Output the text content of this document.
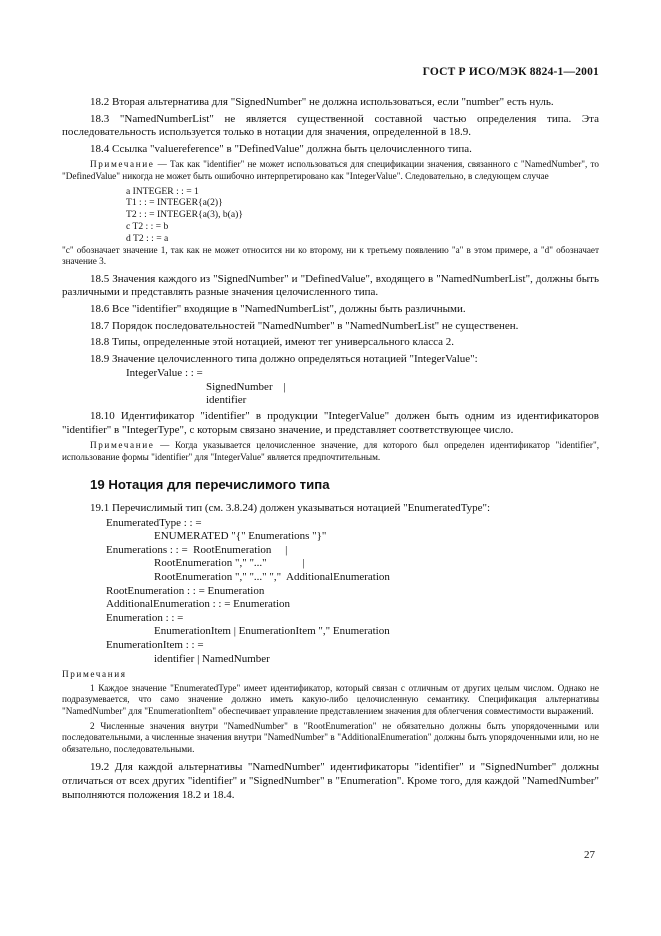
ГОСТ Р ИСО/МЭК 8824-1—2001

18.2 Вторая альтернатива для "SignedNumber" не должна использоваться, если "number" есть нуль.

18.3 "NamedNumberList" не является существенной составной частью определения типа. Эта последовательность используется только в нотации для значения, определенной в 18.9.

18.4 Ссылка "valuereference" в "DefinedValue" должна быть целочисленного типа.

Примечание — Так как "identifier" не может использоваться для спецификации значения, связанного с "NamedNumber", то "DefinedValue" никогда не может быть ошибочно интерпретировано как "IntegerValue". Следовательно, в следующем случае

a INTEGER : : = 1
T1 : : = INTEGER{a(2)}
T2 : : = INTEGER{a(3), b(a)}
c T2 : : = b
d T2 : : = a

"c" обозначает значение 1, так как не может относится ни ко второму, ни к третьему появлению "a" в этом примере, а "d" обозначает значение 3.

18.5 Значения каждого из "SignedNumber" и "DefinedValue", входящего в "NamedNumberList", должны быть различными и представлять разные значения целочисленного типа.

18.6 Все "identifier" входящие в "NamedNumberList", должны быть различными.

18.7 Порядок последовательностей "NamedNumber" в "NamedNumberList" не существенен.

18.8 Типы, определенные этой нотацией, имеют тег универсального класса 2.

18.9 Значение целочисленного типа должно определяться нотацией "IntegerValue":

IntegerValue : : =
SignedNumber    |
identifier

18.10 Идентификатор "identifier" в продукции "IntegerValue" должен быть одним из идентификаторов "identifier" в "IntegerType", с которым связано значение, и представляет соответствующее число.

Примечание — Когда указывается целочисленное значение, для которого был определен идентификатор "identifier", использование формы "identifier" для "IntegerValue" является предпочтительным.

19 Нотация для перечислимого типа

19.1 Перечислимый тип (см. 3.8.24) должен указываться нотацией "EnumeratedType":

EnumeratedType : : =
ENUMERATED "{" Enumerations "}"
Enumerations : : =  RootEnumeration     |
RootEnumeration "," "..."             |
RootEnumeration "," "..." ","  AdditionalEnumeration
RootEnumeration : : = Enumeration
AdditionalEnumeration : : = Enumeration
Enumeration : : =
EnumerationItem | EnumerationItem "," Enumeration
EnumerationItem : : =
identifier | NamedNumber

Примечания

1 Каждое значение "EnumeratedType" имеет идентификатор, который связан с отличным от других целым числом. Однако не подразумевается, что само значение должно иметь какую-либо целочисленную семантику. Спецификация альтернативы "NamedNumber" для "EnumerationItem" обеспечивает управление представлением значения для облегчения совместимости выражений.

2 Численные значения внутри "NamedNumber" в "RootEnumeration" не обязательно должны быть упорядоченными или последовательными, а численные значения внутри "NamedNumber" в "AdditionalEnumeration" должны быть упорядоченными или, но не обязательно, последовательными.

19.2 Для каждой альтернативы "NamedNumber" идентификаторы "identifier" и "SignedNumber" должны отличаться от всех других "identifier" и "SignedNumber" в "Enumeration". Кроме того, для каждой "NamedNumber" выполняются положения 18.2 и 18.4.

27
